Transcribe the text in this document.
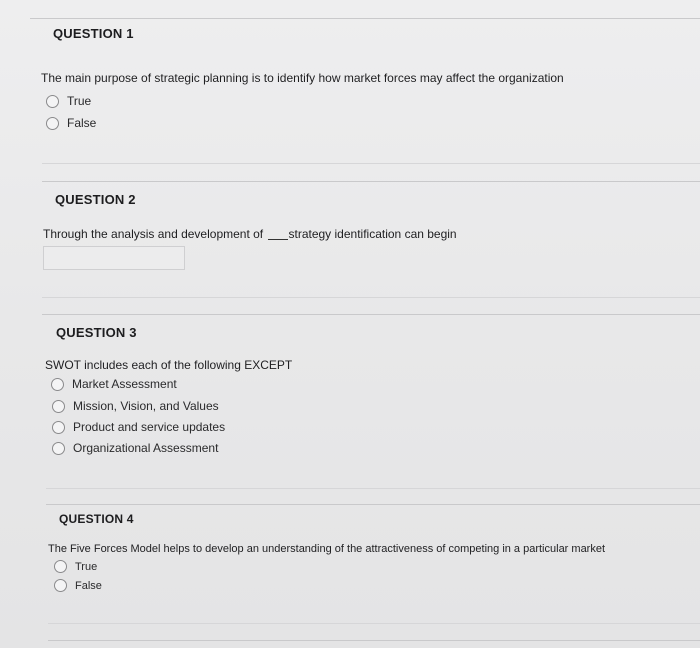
QUESTION 1
The main purpose of strategic planning is to identify how market forces may affect the organization
True
False
QUESTION 2
Through the analysis and development of strategy identification can begin
QUESTION 3
SWOT includes each of the following EXCEPT
Market Assessment
Mission, Vision, and Values
Product and service updates
Organizational Assessment
QUESTION 4
The Five Forces Model helps to develop an understanding of the attractiveness of competing in a particular market
True
False
